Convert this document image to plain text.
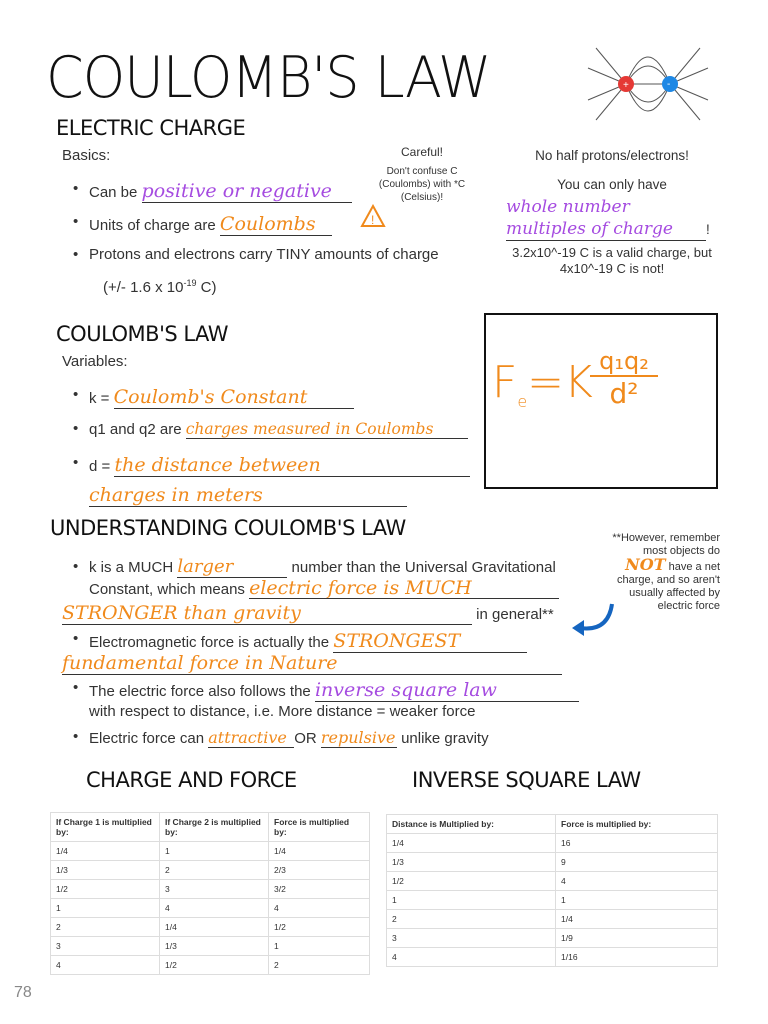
COULOMB'S LAW	+	-
ELECTRIC CHARGE
Basics:
• Can be positive or negative
• Units of charge are Coulombs	!
• Protons and electrons carry TINY amounts of charge
(+/- 1.6 x $10^{-19}$ C)
Careful!
Don't confuse C (Coulombs) with *C (Celsius)!
No half protons/electrons!
You can only have
whole number multiples of charge !
3.2x10^-19 C is a valid charge, but 4x10^-19 C is not!
COULOMB'S LAW
Variables:
• k = Coulomb's Constant
• q1 and q2 are charges measured in Coulombs
• d = the distance between
charges in meters
$F_e=K$ q₁q₂
d²
UNDERSTANDING COULOMB'S LAW
• k is a MUCH larger	number than the Universal Gravitational Constant, which means electric force is MUCH
STRONGER than gravity	in general**
• Electromagnetic force is actually the STRONGEST
fundamental force in Nature
• The electric force also follows the inverse square law
with respect to distance, i.e. More distance = weaker force
• Electric force can attractive OR repulsive unlike gravity
**However, remember most objects do NOT have a net charge, and so aren't usually affected by electric force
CHARGE AND FORCE
If Charge 1 is multiplied by:	If Charge 2 is multiplied by:	Force is multiplied by:
1/4	1	1/4
1/3	2	2/3
1/2	3	3/2
1	4	4
2	1/4	1/2
3	1/3	1
4	1/2	2
INVERSE SQUARE LAW
Distance is Multiplied by:	Force is multiplied by:
1/4	16
1/3	9
1/2	4
1	1
2	1/4
3	1/9
4	1/16
78
